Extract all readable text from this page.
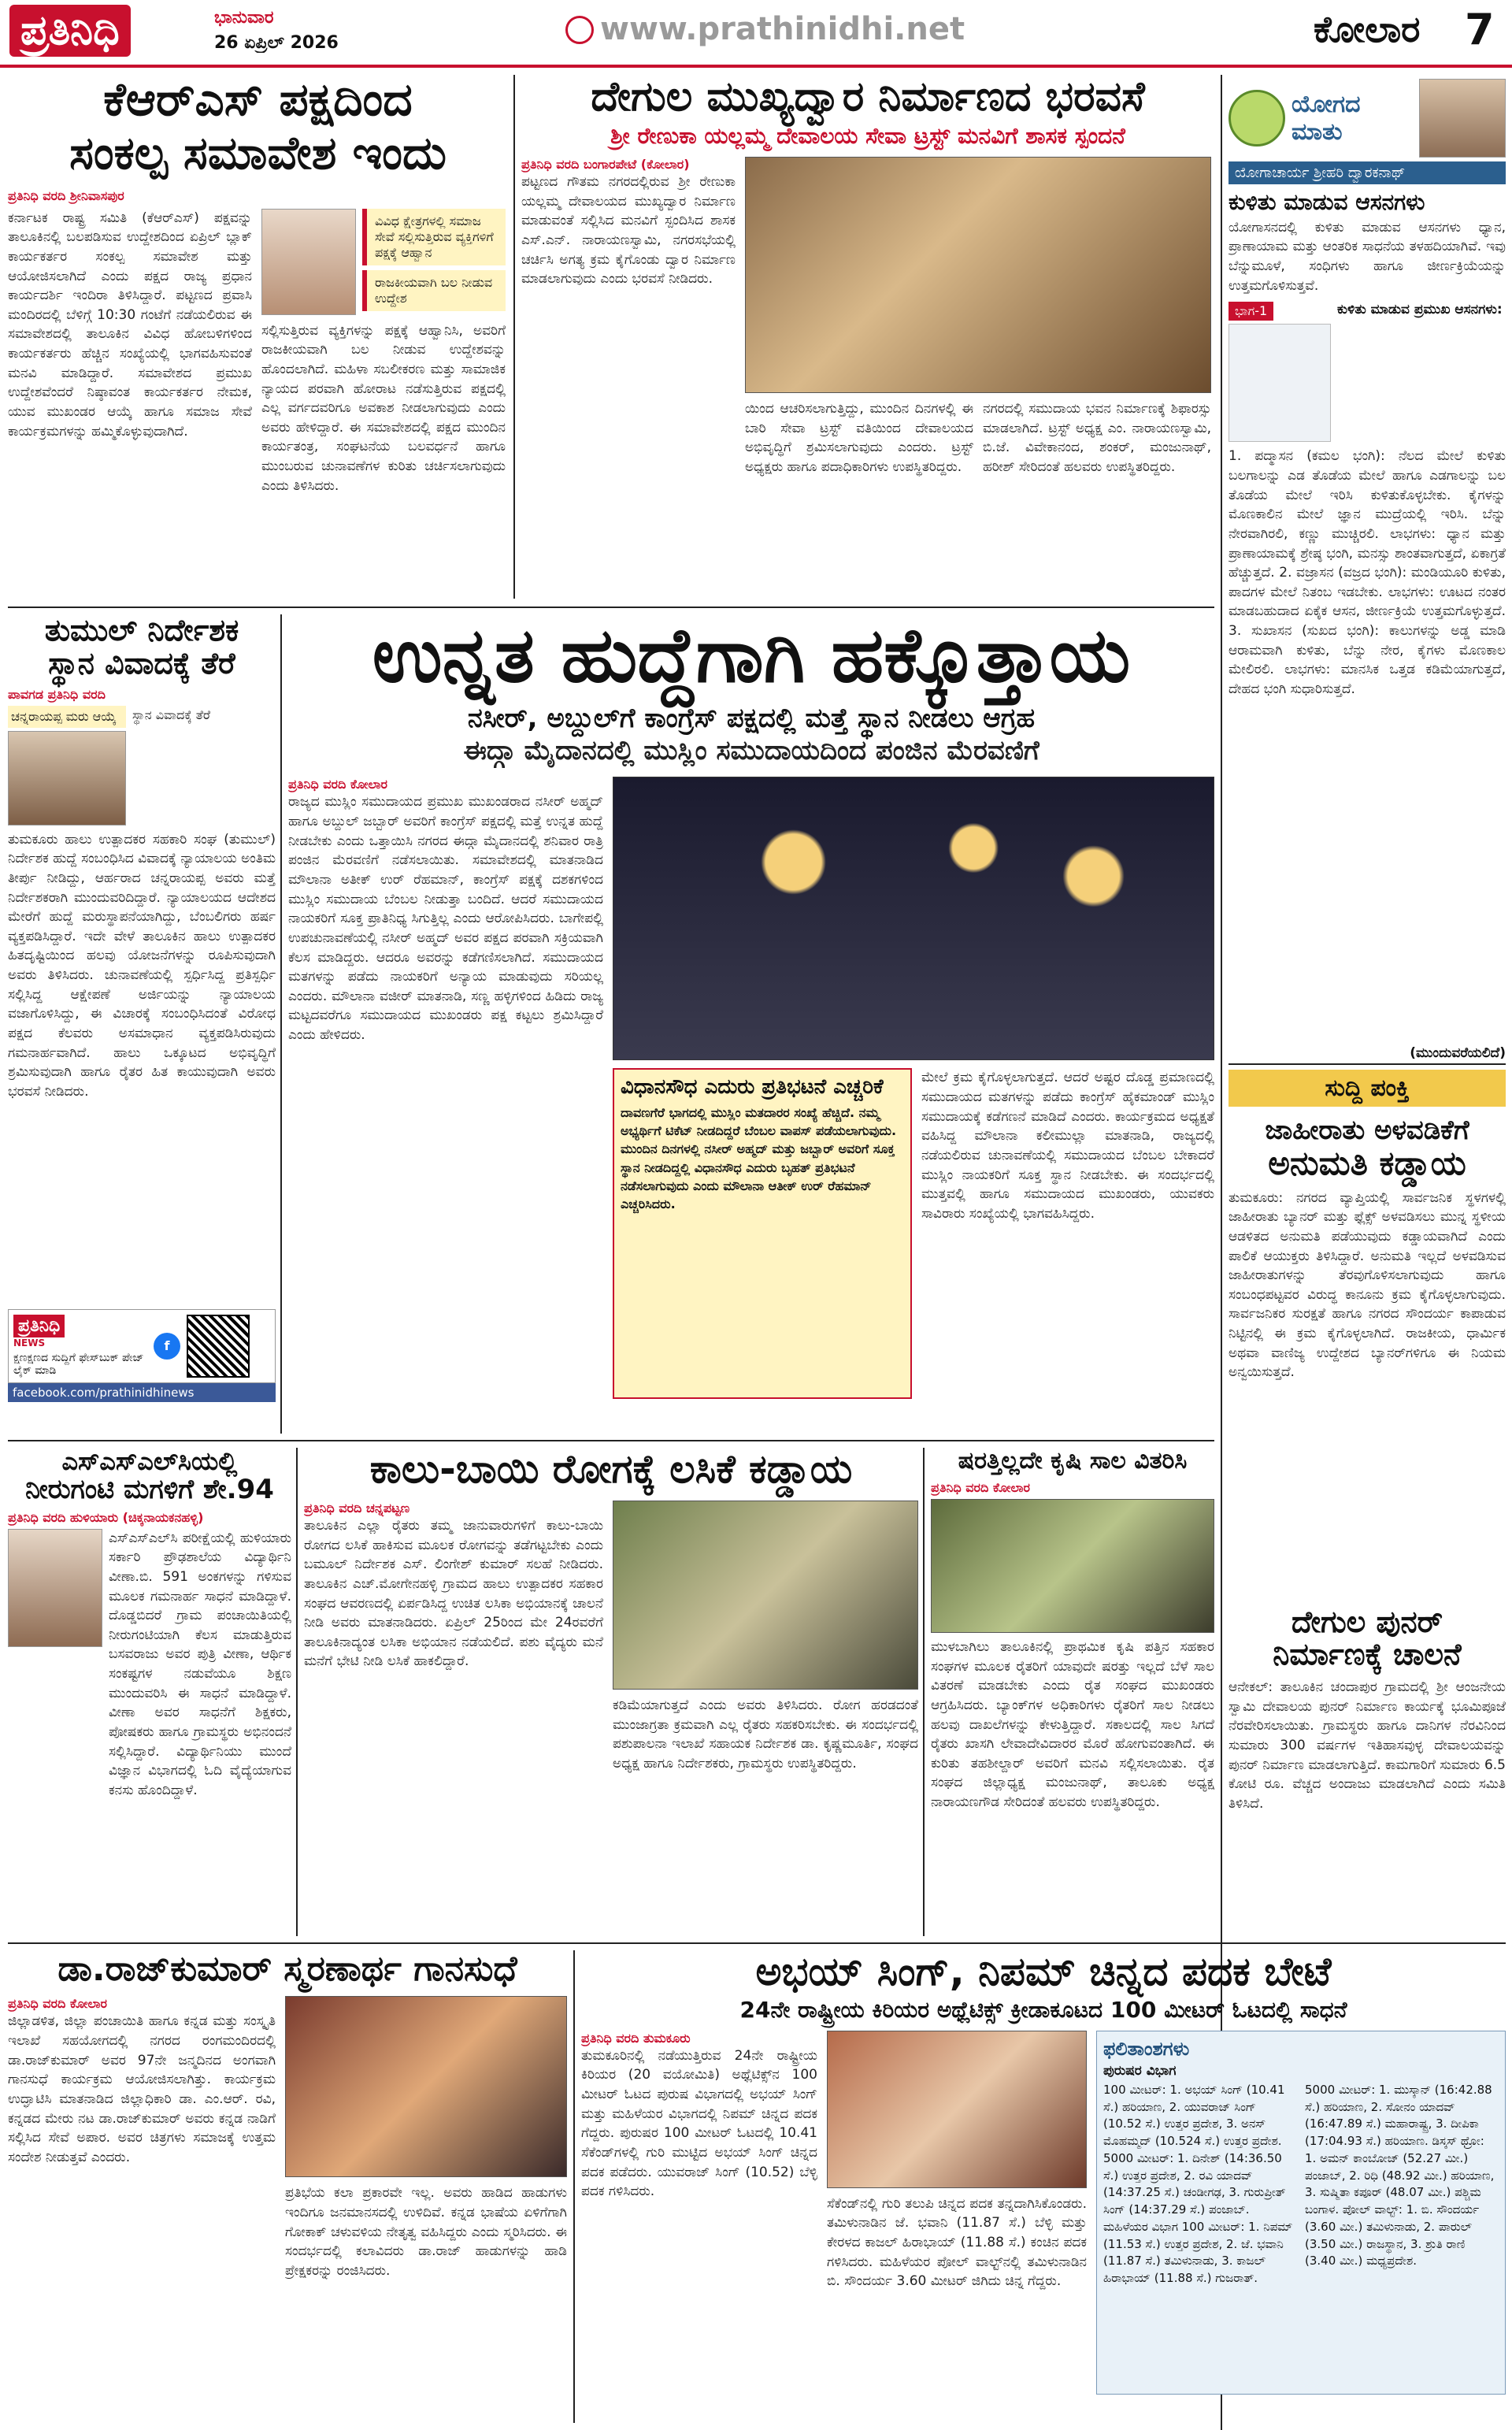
ಪ್ರತಿನಿಧಿ	ಭಾನುವಾರ
26 ಏಪ್ರಿಲ್ 2026	www.prathinidhi.net	ಕೋಲಾರ 7
ಕೆಆರ್‌ಎಸ್ ಪಕ್ಷದಿಂದ
ಸಂಕಲ್ಪ ಸಮಾವೇಶ ಇಂದು
ಪ್ರತಿನಿಧಿ ವರದಿ ಶ್ರೀನಿವಾಸಪುರ
ಕರ್ನಾಟಕ ರಾಷ್ಟ್ರ ಸಮಿತಿ (ಕೆಆರ್‌ಎಸ್) ಪಕ್ಷವನ್ನು ತಾಲೂಕಿನಲ್ಲಿ ಬಲಪಡಿಸುವ ಉದ್ದೇಶದಿಂದ ಏಪ್ರಿಲ್ ಬ್ಲಾಕ್ ಕಾರ್ಯಕರ್ತರ ಸಂಕಲ್ಪ ಸಮಾವೇಶ ಮತ್ತು ಆಯೋಜಿಸಲಾಗಿದೆ ಎಂದು ಪಕ್ಷದ ರಾಜ್ಯ ಪ್ರಧಾನ ಕಾರ್ಯದರ್ಶಿ ಇಂದಿರಾ ತಿಳಿಸಿದ್ದಾರೆ. ಪಟ್ಟಣದ ಪ್ರವಾಸಿ ಮಂದಿರದಲ್ಲಿ ಬೆಳಿಗ್ಗೆ 10:30 ಗಂಟೆಗೆ ನಡೆಯಲಿರುವ ಈ ಸಮಾವೇಶದಲ್ಲಿ ತಾಲೂಕಿನ ವಿವಿಧ ಹೋಬಳಿಗಳಿಂದ ಕಾರ್ಯಕರ್ತರು ಹೆಚ್ಚಿನ ಸಂಖ್ಯೆಯಲ್ಲಿ ಭಾಗವಹಿಸುವಂತೆ ಮನವಿ ಮಾಡಿದ್ದಾರೆ. ಸಮಾವೇಶದ ಪ್ರಮುಖ ಉದ್ದೇಶವೆಂದರೆ ನಿಷ್ಠಾವಂತ ಕಾರ್ಯಕರ್ತರ ನೇಮಕ, ಯುವ ಮುಖಂಡರ ಆಯ್ಕೆ ಹಾಗೂ ಸಮಾಜ ಸೇವೆ ಕಾರ್ಯಕ್ರಮಗಳನ್ನು ಹಮ್ಮಿಕೊಳ್ಳುವುದಾಗಿದೆ.
ವಿವಿಧ ಕ್ಷೇತ್ರಗಳಲ್ಲಿ ಸಮಾಜ ಸೇವೆ ಸಲ್ಲಿಸುತ್ತಿರುವ ವ್ಯಕ್ತಿಗಳಿಗೆ ಪಕ್ಷಕ್ಕೆ ಆಹ್ವಾನ
ರಾಜಕೀಯವಾಗಿ ಬಲ ನೀಡುವ ಉದ್ದೇಶ
ಸಲ್ಲಿಸುತ್ತಿರುವ ವ್ಯಕ್ತಿಗಳನ್ನು ಪಕ್ಷಕ್ಕೆ ಆಹ್ವಾನಿಸಿ, ಅವರಿಗೆ ರಾಜಕೀಯವಾಗಿ ಬಲ ನೀಡುವ ಉದ್ದೇಶವನ್ನು ಹೊಂದಲಾಗಿದೆ. ಮಹಿಳಾ ಸಬಲೀಕರಣ ಮತ್ತು ಸಾಮಾಜಿಕ ನ್ಯಾಯದ ಪರವಾಗಿ ಹೋರಾಟ ನಡೆಸುತ್ತಿರುವ ಪಕ್ಷದಲ್ಲಿ ಎಲ್ಲ ವರ್ಗದವರಿಗೂ ಅವಕಾಶ ನೀಡಲಾಗುವುದು ಎಂದು ಅವರು ಹೇಳಿದ್ದಾರೆ. ಈ ಸಮಾವೇಶದಲ್ಲಿ ಪಕ್ಷದ ಮುಂದಿನ ಕಾರ್ಯತಂತ್ರ, ಸಂಘಟನೆಯ ಬಲವರ್ಧನೆ ಹಾಗೂ ಮುಂಬರುವ ಚುನಾವಣೆಗಳ ಕುರಿತು ಚರ್ಚಿಸಲಾಗುವುದು ಎಂದು ತಿಳಿಸಿದರು.
ದೇಗುಲ ಮುಖ್ಯದ್ವಾರ ನಿರ್ಮಾಣದ ಭರವಸೆ
ಶ್ರೀ ರೇಣುಕಾ ಯಲ್ಲಮ್ಮ ದೇವಾಲಯ ಸೇವಾ ಟ್ರಸ್ಟ್ ಮನವಿಗೆ ಶಾಸಕ ಸ್ಪಂದನೆ
ಪ್ರತಿನಿಧಿ ವರದಿ ಬಂಗಾರಪೇಟೆ (ಕೋಲಾರ)
ಪಟ್ಟಣದ ಗೌತಮ ನಗರದಲ್ಲಿರುವ ಶ್ರೀ ರೇಣುಕಾ ಯಲ್ಲಮ್ಮ ದೇವಾಲಯದ ಮುಖ್ಯದ್ವಾರ ನಿರ್ಮಾಣ ಮಾಡುವಂತೆ ಸಲ್ಲಿಸಿದ ಮನವಿಗೆ ಸ್ಪಂದಿಸಿದ ಶಾಸಕ ಎಸ್.ಎನ್. ನಾರಾಯಣಸ್ವಾಮಿ, ನಗರಸಭೆಯಲ್ಲಿ ಚರ್ಚಿಸಿ ಅಗತ್ಯ ಕ್ರಮ ಕೈಗೊಂಡು ದ್ವಾರ ನಿರ್ಮಾಣ ಮಾಡಲಾಗುವುದು ಎಂದು ಭರವಸೆ ನೀಡಿದರು.
ಯಿಂದ ಆಚರಿಸಲಾಗುತ್ತಿದ್ದು, ಮುಂದಿನ ದಿನಗಳಲ್ಲಿ ಈ ಬಾರಿ ಸೇವಾ ಟ್ರಸ್ಟ್ ವತಿಯಿಂದ ದೇವಾಲಯದ ಅಭಿವೃದ್ಧಿಗೆ ಶ್ರಮಿಸಲಾಗುವುದು ಎಂದರು. ಟ್ರಸ್ಟ್ ಅಧ್ಯಕ್ಷರು ಹಾಗೂ ಪದಾಧಿಕಾರಿಗಳು ಉಪಸ್ಥಿತರಿದ್ದರು.
ನಗರದಲ್ಲಿ ಸಮುದಾಯ ಭವನ ನಿರ್ಮಾಣಕ್ಕೆ ಶಿಫಾರಸ್ಸು ಮಾಡಲಾಗಿದೆ. ಟ್ರಸ್ಟ್ ಅಧ್ಯಕ್ಷ ಎಂ. ನಾರಾಯಣಸ್ವಾಮಿ, ಬಿ.ಜೆ. ವಿವೇಕಾನಂದ, ಶಂಕರ್, ಮಂಜುನಾಥ್, ಹರೀಶ್ ಸೇರಿದಂತೆ ಹಲವರು ಉಪಸ್ಥಿತರಿದ್ದರು.
ಯೋಗದ
ಮಾತು
ಯೋಗಾಚಾರ್ಯ ಶ್ರೀಹರಿ ದ್ವಾರಕನಾಥ್
ಕುಳಿತು ಮಾಡುವ ಆಸನಗಳು
ಯೋಗಾಸನದಲ್ಲಿ ಕುಳಿತು ಮಾಡುವ ಆಸನಗಳು ಧ್ಯಾನ, ಪ್ರಾಣಾಯಾಮ ಮತ್ತು ಆಂತರಿಕ ಸಾಧನೆಯ ತಳಹದಿಯಾಗಿವೆ. ಇವು ಬೆನ್ನುಮೂಳೆ, ಸಂಧಿಗಳು ಹಾಗೂ ಜೀರ್ಣಕ್ರಿಯೆಯನ್ನು ಉತ್ತಮಗೊಳಿಸುತ್ತವೆ.
ಭಾಗ-1	ಕುಳಿತು ಮಾಡುವ ಪ್ರಮುಖ ಆಸನಗಳು:
1. ಪದ್ಮಾಸನ (ಕಮಲ ಭಂಗಿ): ನೆಲದ ಮೇಲೆ ಕುಳಿತು ಬಲಗಾಲನ್ನು ಎಡ ತೊಡೆಯ ಮೇಲೆ ಹಾಗೂ ಎಡಗಾಲನ್ನು ಬಲ ತೊಡೆಯ ಮೇಲೆ ಇರಿಸಿ ಕುಳಿತುಕೊಳ್ಳಬೇಕು. ಕೈಗಳನ್ನು ಮೊಣಕಾಲಿನ ಮೇಲೆ ಜ್ಞಾನ ಮುದ್ರೆಯಲ್ಲಿ ಇರಿಸಿ. ಬೆನ್ನು ನೇರವಾಗಿರಲಿ, ಕಣ್ಣು ಮುಚ್ಚಿರಲಿ. ಲಾಭಗಳು: ಧ್ಯಾನ ಮತ್ತು ಪ್ರಾಣಾಯಾಮಕ್ಕೆ ಶ್ರೇಷ್ಠ ಭಂಗಿ, ಮನಸ್ಸು ಶಾಂತವಾಗುತ್ತದೆ, ಏಕಾಗ್ರತೆ ಹೆಚ್ಚುತ್ತದೆ. 2. ವಜ್ರಾಸನ (ವಜ್ರದ ಭಂಗಿ): ಮಂಡಿಯೂರಿ ಕುಳಿತು, ಪಾದಗಳ ಮೇಲೆ ನಿತಂಬ ಇಡಬೇಕು. ಲಾಭಗಳು: ಊಟದ ನಂತರ ಮಾಡಬಹುದಾದ ಏಕೈಕ ಆಸನ, ಜೀರ್ಣಕ್ರಿಯೆ ಉತ್ತಮಗೊಳ್ಳುತ್ತದೆ. 3. ಸುಖಾಸನ (ಸುಖದ ಭಂಗಿ): ಕಾಲುಗಳನ್ನು ಅಡ್ಡ ಮಾಡಿ ಆರಾಮವಾಗಿ ಕುಳಿತು, ಬೆನ್ನು ನೇರ, ಕೈಗಳು ಮೊಣಕಾಲ ಮೇಲಿರಲಿ. ಲಾಭಗಳು: ಮಾನಸಿಕ ಒತ್ತಡ ಕಡಿಮೆಯಾಗುತ್ತದೆ, ದೇಹದ ಭಂಗಿ ಸುಧಾರಿಸುತ್ತದೆ.
(ಮುಂದುವರೆಯಲಿದೆ)
ಸುದ್ದಿ ಪಂಕ್ತಿ
ಜಾಹೀರಾತು ಅಳವಡಿಕೆಗೆ
ಅನುಮತಿ ಕಡ್ಡಾಯ
ತುಮಕೂರು: ನಗರದ ವ್ಯಾಪ್ತಿಯಲ್ಲಿ ಸಾರ್ವಜನಿಕ ಸ್ಥಳಗಳಲ್ಲಿ ಜಾಹೀರಾತು ಬ್ಯಾನರ್ ಮತ್ತು ಫ್ಲೆಕ್ಸ್ ಅಳವಡಿಸಲು ಮುನ್ನ ಸ್ಥಳೀಯ ಆಡಳಿತದ ಅನುಮತಿ ಪಡೆಯುವುದು ಕಡ್ಡಾಯವಾಗಿದೆ ಎಂದು ಪಾಲಿಕೆ ಆಯುಕ್ತರು ತಿಳಿಸಿದ್ದಾರೆ. ಅನುಮತಿ ಇಲ್ಲದೆ ಅಳವಡಿಸುವ ಜಾಹೀರಾತುಗಳನ್ನು ತೆರವುಗೊಳಿಸಲಾಗುವುದು ಹಾಗೂ ಸಂಬಂಧಪಟ್ಟವರ ವಿರುದ್ಧ ಕಾನೂನು ಕ್ರಮ ಕೈಗೊಳ್ಳಲಾಗುವುದು. ಸಾರ್ವಜನಿಕರ ಸುರಕ್ಷತೆ ಹಾಗೂ ನಗರದ ಸೌಂದರ್ಯ ಕಾಪಾಡುವ ನಿಟ್ಟಿನಲ್ಲಿ ಈ ಕ್ರಮ ಕೈಗೊಳ್ಳಲಾಗಿದೆ. ರಾಜಕೀಯ, ಧಾರ್ಮಿಕ ಅಥವಾ ವಾಣಿಜ್ಯ ಉದ್ದೇಶದ ಬ್ಯಾನರ್‌ಗಳಿಗೂ ಈ ನಿಯಮ ಅನ್ವಯಿಸುತ್ತದೆ.
ದೇಗುಲ ಪುನರ್
ನಿರ್ಮಾಣಕ್ಕೆ ಚಾಲನೆ
ಆನೇಕಲ್: ತಾಲೂಕಿನ ಚಂದಾಪುರ ಗ್ರಾಮದಲ್ಲಿ ಶ್ರೀ ಆಂಜನೇಯ ಸ್ವಾಮಿ ದೇವಾಲಯ ಪುನರ್ ನಿರ್ಮಾಣ ಕಾರ್ಯಕ್ಕೆ ಭೂಮಿಪೂಜೆ ನೆರವೇರಿಸಲಾಯಿತು. ಗ್ರಾಮಸ್ಥರು ಹಾಗೂ ದಾನಿಗಳ ನೆರವಿನಿಂದ ಸುಮಾರು 300 ವರ್ಷಗಳ ಇತಿಹಾಸವುಳ್ಳ ದೇವಾಲಯವನ್ನು ಪುನರ್ ನಿರ್ಮಾಣ ಮಾಡಲಾಗುತ್ತಿದೆ. ಕಾಮಗಾರಿಗೆ ಸುಮಾರು 6.5 ಕೋಟಿ ರೂ. ವೆಚ್ಚದ ಅಂದಾಜು ಮಾಡಲಾಗಿದೆ ಎಂದು ಸಮಿತಿ ತಿಳಿಸಿದೆ.
ತುಮುಲ್ ನಿರ್ದೇಶಕ
ಸ್ಥಾನ ವಿವಾದಕ್ಕೆ ತೆರೆ
ಪಾವಗಡ ಪ್ರತಿನಿಧಿ ವರದಿ
ಚನ್ನರಾಯಪ್ಪ ಮರು ಆಯ್ಕೆ	ಸ್ಥಾನ ವಿವಾದಕ್ಕೆ ತೆರೆ
ತುಮಕೂರು ಹಾಲು ಉತ್ಪಾದಕರ ಸಹಕಾರಿ ಸಂಘ (ತುಮುಲ್) ನಿರ್ದೇಶಕ ಹುದ್ದೆ ಸಂಬಂಧಿಸಿದ ವಿವಾದಕ್ಕೆ ನ್ಯಾಯಾಲಯ ಅಂತಿಮ ತೀರ್ಪು ನೀಡಿದ್ದು, ಆರ್ಹರಾದ ಚನ್ನರಾಯಪ್ಪ ಅವರು ಮತ್ತೆ ನಿರ್ದೇಶಕರಾಗಿ ಮುಂದುವರಿದಿದ್ದಾರೆ. ನ್ಯಾಯಾಲಯದ ಆದೇಶದ ಮೇರೆಗೆ ಹುದ್ದೆ ಮರುಸ್ಥಾಪನೆಯಾಗಿದ್ದು, ಬೆಂಬಲಿಗರು ಹರ್ಷ ವ್ಯಕ್ತಪಡಿಸಿದ್ದಾರೆ. ಇದೇ ವೇಳೆ ತಾಲೂಕಿನ ಹಾಲು ಉತ್ಪಾದಕರ ಹಿತದೃಷ್ಟಿಯಿಂದ ಹಲವು ಯೋಜನೆಗಳನ್ನು ರೂಪಿಸುವುದಾಗಿ ಅವರು ತಿಳಿಸಿದರು. ಚುನಾವಣೆಯಲ್ಲಿ ಸ್ಪರ್ಧಿಸಿದ್ದ ಪ್ರತಿಸ್ಪರ್ಧಿ ಸಲ್ಲಿಸಿದ್ದ ಆಕ್ಷೇಪಣೆ ಅರ್ಜಿಯನ್ನು ನ್ಯಾಯಾಲಯ ವಜಾಗೊಳಿಸಿದ್ದು, ಈ ವಿಚಾರಕ್ಕೆ ಸಂಬಂಧಿಸಿದಂತೆ ವಿರೋಧ ಪಕ್ಷದ ಕೆಲವರು ಅಸಮಾಧಾನ ವ್ಯಕ್ತಪಡಿಸಿರುವುದು ಗಮನಾರ್ಹವಾಗಿದೆ. ಹಾಲು ಒಕ್ಕೂಟದ ಅಭಿವೃದ್ಧಿಗೆ ಶ್ರಮಿಸುವುದಾಗಿ ಹಾಗೂ ರೈತರ ಹಿತ ಕಾಯುವುದಾಗಿ ಅವರು ಭರವಸೆ ನೀಡಿದರು.
ಪ್ರತಿನಿಧಿ
NEWS
ಕ್ಷಣಕ್ಷಣದ ಸುದ್ದಿಗೆ ಫೇಸ್‌ಬುಕ್ ಪೇಜ್ ಲೈಕ್ ಮಾಡಿ
f
facebook.com/prathinidhinews
ಉನ್ನತ ಹುದ್ದೆಗಾಗಿ ಹಕ್ಕೊತ್ತಾಯ
ನಸೀರ್, ಅಬ್ದುಲ್‌ಗೆ ಕಾಂಗ್ರೆಸ್ ಪಕ್ಷದಲ್ಲಿ ಮತ್ತೆ ಸ್ಥಾನ ನೀಡಲು ಆಗ್ರಹ
ಈದ್ಗಾ ಮೈದಾನದಲ್ಲಿ ಮುಸ್ಲಿಂ ಸಮುದಾಯದಿಂದ ಪಂಜಿನ ಮೆರವಣಿಗೆ
ಪ್ರತಿನಿಧಿ ವರದಿ ಕೋಲಾರ
ರಾಜ್ಯದ ಮುಸ್ಲಿಂ ಸಮುದಾಯದ ಪ್ರಮುಖ ಮುಖಂಡರಾದ ನಸೀರ್ ಅಹ್ಮದ್ ಹಾಗೂ ಅಬ್ದುಲ್ ಜಬ್ಬಾರ್ ಅವರಿಗೆ ಕಾಂಗ್ರೆಸ್ ಪಕ್ಷದಲ್ಲಿ ಮತ್ತೆ ಉನ್ನತ ಹುದ್ದೆ ನೀಡಬೇಕು ಎಂದು ಒತ್ತಾಯಿಸಿ ನಗರದ ಈದ್ಗಾ ಮೈದಾನದಲ್ಲಿ ಶನಿವಾರ ರಾತ್ರಿ ಪಂಜಿನ ಮೆರವಣಿಗೆ ನಡೆಸಲಾಯಿತು. ಸಮಾವೇಶದಲ್ಲಿ ಮಾತನಾಡಿದ ಮೌಲಾನಾ ಅತೀಕ್ ಉರ್ ರೆಹಮಾನ್, ಕಾಂಗ್ರೆಸ್ ಪಕ್ಷಕ್ಕೆ ದಶಕಗಳಿಂದ ಮುಸ್ಲಿಂ ಸಮುದಾಯ ಬೆಂಬಲ ನೀಡುತ್ತಾ ಬಂದಿದೆ. ಆದರೆ ಸಮುದಾಯದ ನಾಯಕರಿಗೆ ಸೂಕ್ತ ಪ್ರಾತಿನಿಧ್ಯ ಸಿಗುತ್ತಿಲ್ಲ ಎಂದು ಆರೋಪಿಸಿದರು. ಬಾಗೇಪಲ್ಲಿ ಉಪಚುನಾವಣೆಯಲ್ಲಿ ನಸೀರ್ ಅಹ್ಮದ್ ಅವರ ಪಕ್ಷದ ಪರವಾಗಿ ಸಕ್ರಿಯವಾಗಿ ಕೆಲಸ ಮಾಡಿದ್ದರು. ಆದರೂ ಅವರನ್ನು ಕಡೆಗಣಿಸಲಾಗಿದೆ. ಸಮುದಾಯದ ಮತಗಳನ್ನು ಪಡೆದು ನಾಯಕರಿಗೆ ಅನ್ಯಾಯ ಮಾಡುವುದು ಸರಿಯಲ್ಲ ಎಂದರು. ಮೌಲಾನಾ ವಜೀರ್ ಮಾತನಾಡಿ, ಸಣ್ಣ ಹಳ್ಳಿಗಳಿಂದ ಹಿಡಿದು ರಾಜ್ಯ ಮಟ್ಟದವರೆಗೂ ಸಮುದಾಯದ ಮುಖಂಡರು ಪಕ್ಷ ಕಟ್ಟಲು ಶ್ರಮಿಸಿದ್ದಾರೆ ಎಂದು ಹೇಳಿದರು.
ವಿಧಾನಸೌಧ ಎದುರು ಪ್ರತಿಭಟನೆ ಎಚ್ಚರಿಕೆ
ದಾವಣಗೆರೆ ಭಾಗದಲ್ಲಿ ಮುಸ್ಲಿಂ ಮತದಾರರ ಸಂಖ್ಯೆ ಹೆಚ್ಚಿದೆ. ನಮ್ಮ ಅಭ್ಯರ್ಥಿಗೆ ಟಿಕೆಟ್ ನೀಡದಿದ್ದರೆ ಬೆಂಬಲ ವಾಪಸ್ ಪಡೆಯಲಾಗುವುದು. ಮುಂದಿನ ದಿನಗಳಲ್ಲಿ ನಸೀರ್ ಅಹ್ಮದ್ ಮತ್ತು ಜಬ್ಬಾರ್ ಅವರಿಗೆ ಸೂಕ್ತ ಸ್ಥಾನ ನೀಡದಿದ್ದಲ್ಲಿ ವಿಧಾನಸೌಧ ಎದುರು ಬೃಹತ್ ಪ್ರತಿಭಟನೆ ನಡೆಸಲಾಗುವುದು ಎಂದು ಮೌಲಾನಾ ಆತೀಕ್ ಉರ್ ರೆಹಮಾನ್ ಎಚ್ಚರಿಸಿದರು.
ಮೇಲೆ ಕ್ರಮ ಕೈಗೊಳ್ಳಲಾಗುತ್ತದೆ. ಆದರೆ ಅಷ್ಟರ ದೊಡ್ಡ ಪ್ರಮಾಣದಲ್ಲಿ ಸಮುದಾಯದ ಮತಗಳನ್ನು ಪಡೆದು ಕಾಂಗ್ರೆಸ್ ಹೈಕಮಾಂಡ್ ಮುಸ್ಲಿಂ ಸಮುದಾಯಕ್ಕೆ ಕಡೆಗಣನೆ ಮಾಡಿದೆ ಎಂದರು. ಕಾರ್ಯಕ್ರಮದ ಅಧ್ಯಕ್ಷತೆ ವಹಿಸಿದ್ದ ಮೌಲಾನಾ ಕಲೀಮುಲ್ಲಾ ಮಾತನಾಡಿ, ರಾಜ್ಯದಲ್ಲಿ ನಡೆಯಲಿರುವ ಚುನಾವಣೆಯಲ್ಲಿ ಸಮುದಾಯದ ಬೆಂಬಲ ಬೇಕಾದರೆ ಮುಸ್ಲಿಂ ನಾಯಕರಿಗೆ ಸೂಕ್ತ ಸ್ಥಾನ ನೀಡಬೇಕು. ಈ ಸಂದರ್ಭದಲ್ಲಿ ಮುತ್ತವಲ್ಲಿ ಹಾಗೂ ಸಮುದಾಯದ ಮುಖಂಡರು, ಯುವಕರು ಸಾವಿರಾರು ಸಂಖ್ಯೆಯಲ್ಲಿ ಭಾಗವಹಿಸಿದ್ದರು.
ಎಸ್‌ಎಸ್‌ಎಲ್‌ಸಿಯಲ್ಲಿ
ನೀರುಗಂಟಿ ಮಗಳಿಗೆ ಶೇ.94
ಪ್ರತಿನಿಧಿ ವರದಿ ಹುಳಿಯಾರು (ಚಿಕ್ಕನಾಯಕನಹಳ್ಳಿ)
ಎಸ್‌ಎಸ್‌ಎಲ್‌ಸಿ ಪರೀಕ್ಷೆಯಲ್ಲಿ ಹುಳಿಯಾರು ಸರ್ಕಾರಿ ಪ್ರೌಢಶಾಲೆಯ ವಿದ್ಯಾರ್ಥಿನಿ ವೀಣಾ.ಬಿ. 591 ಅಂಕಗಳನ್ನು ಗಳಿಸುವ ಮೂಲಕ ಗಮನಾರ್ಹ ಸಾಧನೆ ಮಾಡಿದ್ದಾಳೆ. ದೊಡ್ಡಬಿದರೆ ಗ್ರಾಮ ಪಂಚಾಯಿತಿಯಲ್ಲಿ ನೀರುಗಂಟಿಯಾಗಿ ಕೆಲಸ ಮಾಡುತ್ತಿರುವ ಬಸವರಾಜು ಅವರ ಪುತ್ರಿ ವೀಣಾ, ಆರ್ಥಿಕ ಸಂಕಷ್ಟಗಳ ನಡುವೆಯೂ ಶಿಕ್ಷಣ ಮುಂದುವರಿಸಿ ಈ ಸಾಧನೆ ಮಾಡಿದ್ದಾಳೆ. ವೀಣಾ ಅವರ ಸಾಧನೆಗೆ ಶಿಕ್ಷಕರು, ಪೋಷಕರು ಹಾಗೂ ಗ್ರಾಮಸ್ಥರು ಅಭಿನಂದನೆ ಸಲ್ಲಿಸಿದ್ದಾರೆ. ವಿದ್ಯಾರ್ಥಿನಿಯು ಮುಂದೆ ವಿಜ್ಞಾನ ವಿಭಾಗದಲ್ಲಿ ಓದಿ ವೈದ್ಯೆಯಾಗುವ ಕನಸು ಹೊಂದಿದ್ದಾಳೆ.
ಕಾಲು-ಬಾಯಿ ರೋಗಕ್ಕೆ ಲಸಿಕೆ ಕಡ್ಡಾಯ
ಪ್ರತಿನಿಧಿ ವರದಿ ಚನ್ನಪಟ್ಟಣ
ತಾಲೂಕಿನ ಎಲ್ಲಾ ರೈತರು ತಮ್ಮ ಜಾನುವಾರುಗಳಿಗೆ ಕಾಲು-ಬಾಯಿ ರೋಗದ ಲಸಿಕೆ ಹಾಕಿಸುವ ಮೂಲಕ ರೋಗವನ್ನು ತಡೆಗಟ್ಟಬೇಕು ಎಂದು ಬಮೂಲ್ ನಿರ್ದೇಶಕ ಎಸ್. ಲಿಂಗೇಶ್ ಕುಮಾರ್ ಸಲಹೆ ನೀಡಿದರು. ತಾಲೂಕಿನ ಎಚ್.ಮೋಗೇನಹಳ್ಳಿ ಗ್ರಾಮದ ಹಾಲು ಉತ್ಪಾದಕರ ಸಹಕಾರ ಸಂಘದ ಆವರಣದಲ್ಲಿ ಏರ್ಪಡಿಸಿದ್ದ ಉಚಿತ ಲಸಿಕಾ ಅಭಿಯಾನಕ್ಕೆ ಚಾಲನೆ ನೀಡಿ ಅವರು ಮಾತನಾಡಿದರು. ಏಪ್ರಿಲ್ 25ರಿಂದ ಮೇ 24ರವರೆಗೆ ತಾಲೂಕಿನಾದ್ಯಂತ ಲಸಿಕಾ ಅಭಿಯಾನ ನಡೆಯಲಿದೆ. ಪಶು ವೈದ್ಯರು ಮನೆ ಮನೆಗೆ ಭೇಟಿ ನೀಡಿ ಲಸಿಕೆ ಹಾಕಲಿದ್ದಾರೆ.
ಕಡಿಮೆಯಾಗುತ್ತದೆ ಎಂದು ಅವರು ತಿಳಿಸಿದರು. ರೋಗ ಹರಡದಂತೆ ಮುಂಜಾಗ್ರತಾ ಕ್ರಮವಾಗಿ ಎಲ್ಲ ರೈತರು ಸಹಕರಿಸಬೇಕು. ಈ ಸಂದರ್ಭದಲ್ಲಿ ಪಶುಪಾಲನಾ ಇಲಾಖೆ ಸಹಾಯಕ ನಿರ್ದೇಶಕ ಡಾ. ಕೃಷ್ಣಮೂರ್ತಿ, ಸಂಘದ ಅಧ್ಯಕ್ಷ ಹಾಗೂ ನಿರ್ದೇಶಕರು, ಗ್ರಾಮಸ್ಥರು ಉಪಸ್ಥಿತರಿದ್ದರು.
ಷರತ್ತಿಲ್ಲದೇ ಕೃಷಿ ಸಾಲ ವಿತರಿಸಿ
ಪ್ರತಿನಿಧಿ ವರದಿ ಕೋಲಾರ
ಮುಳಬಾಗಿಲು ತಾಲೂಕಿನಲ್ಲಿ ಪ್ರಾಥಮಿಕ ಕೃಷಿ ಪತ್ತಿನ ಸಹಕಾರ ಸಂಘಗಳ ಮೂಲಕ ರೈತರಿಗೆ ಯಾವುದೇ ಷರತ್ತು ಇಲ್ಲದೆ ಬೆಳೆ ಸಾಲ ವಿತರಣೆ ಮಾಡಬೇಕು ಎಂದು ರೈತ ಸಂಘದ ಮುಖಂಡರು ಆಗ್ರಹಿಸಿದರು. ಬ್ಯಾಂಕ್‌ಗಳ ಅಧಿಕಾರಿಗಳು ರೈತರಿಗೆ ಸಾಲ ನೀಡಲು ಹಲವು ದಾಖಲೆಗಳನ್ನು ಕೇಳುತ್ತಿದ್ದಾರೆ. ಸಕಾಲದಲ್ಲಿ ಸಾಲ ಸಿಗದೆ ರೈತರು ಖಾಸಗಿ ಲೇವಾದೇವಿದಾರರ ಮೊರೆ ಹೋಗುವಂತಾಗಿದೆ. ಈ ಕುರಿತು ತಹಶೀಲ್ದಾರ್ ಅವರಿಗೆ ಮನವಿ ಸಲ್ಲಿಸಲಾಯಿತು. ರೈತ ಸಂಘದ ಜಿಲ್ಲಾಧ್ಯಕ್ಷ ಮಂಜುನಾಥ್, ತಾಲೂಕು ಅಧ್ಯಕ್ಷ ನಾರಾಯಣಗೌಡ ಸೇರಿದಂತೆ ಹಲವರು ಉಪಸ್ಥಿತರಿದ್ದರು.
ಡಾ.ರಾಜ್‌ಕುಮಾರ್ ಸ್ಮರಣಾರ್ಥ ಗಾನಸುಧೆ
ಪ್ರತಿನಿಧಿ ವರದಿ ಕೋಲಾರ
ಜಿಲ್ಲಾಡಳಿತ, ಜಿಲ್ಲಾ ಪಂಚಾಯಿತಿ ಹಾಗೂ ಕನ್ನಡ ಮತ್ತು ಸಂಸ್ಕೃತಿ ಇಲಾಖೆ ಸಹಯೋಗದಲ್ಲಿ ನಗರದ ರಂಗಮಂದಿರದಲ್ಲಿ ಡಾ.ರಾಜ್‌ಕುಮಾರ್ ಅವರ 97ನೇ ಜನ್ಮದಿನದ ಅಂಗವಾಗಿ ಗಾನಸುಧೆ ಕಾರ್ಯಕ್ರಮ ಆಯೋಜಿಸಲಾಗಿತ್ತು. ಕಾರ್ಯಕ್ರಮ ಉದ್ಘಾಟಿಸಿ ಮಾತನಾಡಿದ ಜಿಲ್ಲಾಧಿಕಾರಿ ಡಾ. ಎಂ.ಆರ್. ರವಿ, ಕನ್ನಡದ ಮೇರು ನಟ ಡಾ.ರಾಜ್‌ಕುಮಾರ್ ಅವರು ಕನ್ನಡ ನಾಡಿಗೆ ಸಲ್ಲಿಸಿದ ಸೇವೆ ಅಪಾರ. ಅವರ ಚಿತ್ರಗಳು ಸಮಾಜಕ್ಕೆ ಉತ್ತಮ ಸಂದೇಶ ನೀಡುತ್ತವೆ ಎಂದರು.
ಪ್ರತಿಭೆಯ ಕಲಾ ಪ್ರಕಾರವೇ ಇಲ್ಲ. ಅವರು ಹಾಡಿದ ಹಾಡುಗಳು ಇಂದಿಗೂ ಜನಮಾನಸದಲ್ಲಿ ಉಳಿದಿವೆ. ಕನ್ನಡ ಭಾಷೆಯ ಏಳಿಗೆಗಾಗಿ ಗೋಕಾಕ್ ಚಳುವಳಿಯ ನೇತೃತ್ವ ವಹಿಸಿದ್ದರು ಎಂದು ಸ್ಮರಿಸಿದರು. ಈ ಸಂದರ್ಭದಲ್ಲಿ ಕಲಾವಿದರು ಡಾ.ರಾಜ್ ಹಾಡುಗಳನ್ನು ಹಾಡಿ ಪ್ರೇಕ್ಷಕರನ್ನು ರಂಜಿಸಿದರು.
ಅಭಯ್ ಸಿಂಗ್, ನಿಪಮ್ ಚಿನ್ನದ ಪದಕ ಬೇಟೆ
24ನೇ ರಾಷ್ಟ್ರೀಯ ಕಿರಿಯರ ಅಥ್ಲೆಟಿಕ್ಸ್ ಕ್ರೀಡಾಕೂಟದ 100 ಮೀಟರ್ ಓಟದಲ್ಲಿ ಸಾಧನೆ
ಪ್ರತಿನಿಧಿ ವರದಿ ತುಮಕೂರು
ತುಮಕೂರಿನಲ್ಲಿ ನಡೆಯುತ್ತಿರುವ 24ನೇ ರಾಷ್ಟ್ರೀಯ ಕಿರಿಯರ (20 ವಯೋಮಿತಿ) ಅಥ್ಲೆಟಿಕ್ಸ್‌ನ 100 ಮೀಟರ್ ಓಟದ ಪುರುಷ ವಿಭಾಗದಲ್ಲಿ ಅಭಯ್ ಸಿಂಗ್ ಮತ್ತು ಮಹಿಳೆಯರ ವಿಭಾಗದಲ್ಲಿ ನಿಪಮ್ ಚಿನ್ನದ ಪದಕ ಗೆದ್ದರು. ಪುರುಷರ 100 ಮೀಟರ್ ಓಟದಲ್ಲಿ 10.41 ಸೆಕೆಂಡ್‌ಗಳಲ್ಲಿ ಗುರಿ ಮುಟ್ಟಿದ ಅಭಯ್ ಸಿಂಗ್ ಚಿನ್ನದ ಪದಕ ಪಡೆದರು. ಯುವರಾಜ್ ಸಿಂಗ್ (10.52) ಬೆಳ್ಳಿ ಪದಕ ಗಳಿಸಿದರು.
ಸೆಕೆಂಡ್‌ನಲ್ಲಿ ಗುರಿ ತಲುಪಿ ಚಿನ್ನದ ಪದಕ ತನ್ನದಾಗಿಸಿಕೊಂಡರು. ತಮಿಳುನಾಡಿನ ಜೆ. ಭವಾನಿ (11.87 ಸೆ.) ಬೆಳ್ಳಿ ಮತ್ತು ಕೇರಳದ ಕಾಜಲ್ ಹಿರಾಭಾಯ್ (11.88 ಸೆ.) ಕಂಚಿನ ಪದಕ ಗಳಿಸಿದರು. ಮಹಿಳೆಯರ ಪೋಲ್ ವಾಲ್ಟ್‌ನಲ್ಲಿ ತಮಿಳುನಾಡಿನ ಬಿ. ಸೌಂದರ್ಯ 3.60 ಮೀಟರ್ ಜಿಗಿದು ಚಿನ್ನ ಗೆದ್ದರು.
ಫಲಿತಾಂಶಗಳು
ಪುರುಷರ ವಿಭಾಗ
100 ಮೀಟರ್: 1. ಅಭಯ್ ಸಿಂಗ್ (10.41 ಸೆ.) ಹರಿಯಾಣ, 2. ಯುವರಾಜ್ ಸಿಂಗ್ (10.52 ಸೆ.) ಉತ್ತರ ಪ್ರದೇಶ, 3. ಅನಸ್ ಮೊಹಮ್ಮದ್ (10.524 ಸೆ.) ಉತ್ತರ ಪ್ರದೇಶ. 5000 ಮೀಟರ್: 1. ದಿನೇಶ್ (14:36.50 ಸೆ.) ಉತ್ತರ ಪ್ರದೇಶ, 2. ರವಿ ಯಾದವ್ (14:37.25 ಸೆ.) ಚಂಡೀಗಢ, 3. ಗುರುಪ್ರೀತ್ ಸಿಂಗ್ (14:37.29 ಸೆ.) ಪಂಜಾಬ್. ಮಹಿಳೆಯರ ವಿಭಾಗ 100 ಮೀಟರ್: 1. ನಿಪಮ್ (11.53 ಸೆ.) ಉತ್ತರ ಪ್ರದೇಶ, 2. ಜೆ. ಭವಾನಿ (11.87 ಸೆ.) ತಮಿಳುನಾಡು, 3. ಕಾಜಲ್ ಹಿರಾಭಾಯ್ (11.88 ಸೆ.) ಗುಜರಾತ್.
5000 ಮೀಟರ್: 1. ಮುಸ್ಕಾನ್ (16:42.88 ಸೆ.) ಹರಿಯಾಣ, 2. ಸೋನಂ ಯಾದವ್ (16:47.89 ಸೆ.) ಮಹಾರಾಷ್ಟ್ರ, 3. ದೀಪಿಕಾ (17:04.93 ಸೆ.) ಹರಿಯಾಣ. ಡಿಸ್ಕಸ್ ಥ್ರೋ: 1. ಅಮನ್ ಕಾಂಬೋಜ್ (52.27 ಮೀ.) ಪಂಜಾಬ್, 2. ರಿಧಿ (48.92 ಮೀ.) ಹರಿಯಾಣ, 3. ಸುಷ್ಮಿತಾ ಕಪೂರ್ (48.07 ಮೀ.) ಪಶ್ಚಿಮ ಬಂಗಾಳ. ಪೋಲ್ ವಾಲ್ಟ್: 1. ಬಿ. ಸೌಂದರ್ಯ (3.60 ಮೀ.) ತಮಿಳುನಾಡು, 2. ಪಾರುಲ್ (3.50 ಮೀ.) ರಾಜಸ್ಥಾನ, 3. ಶ್ರುತಿ ರಾಣಿ (3.40 ಮೀ.) ಮಧ್ಯಪ್ರದೇಶ.
